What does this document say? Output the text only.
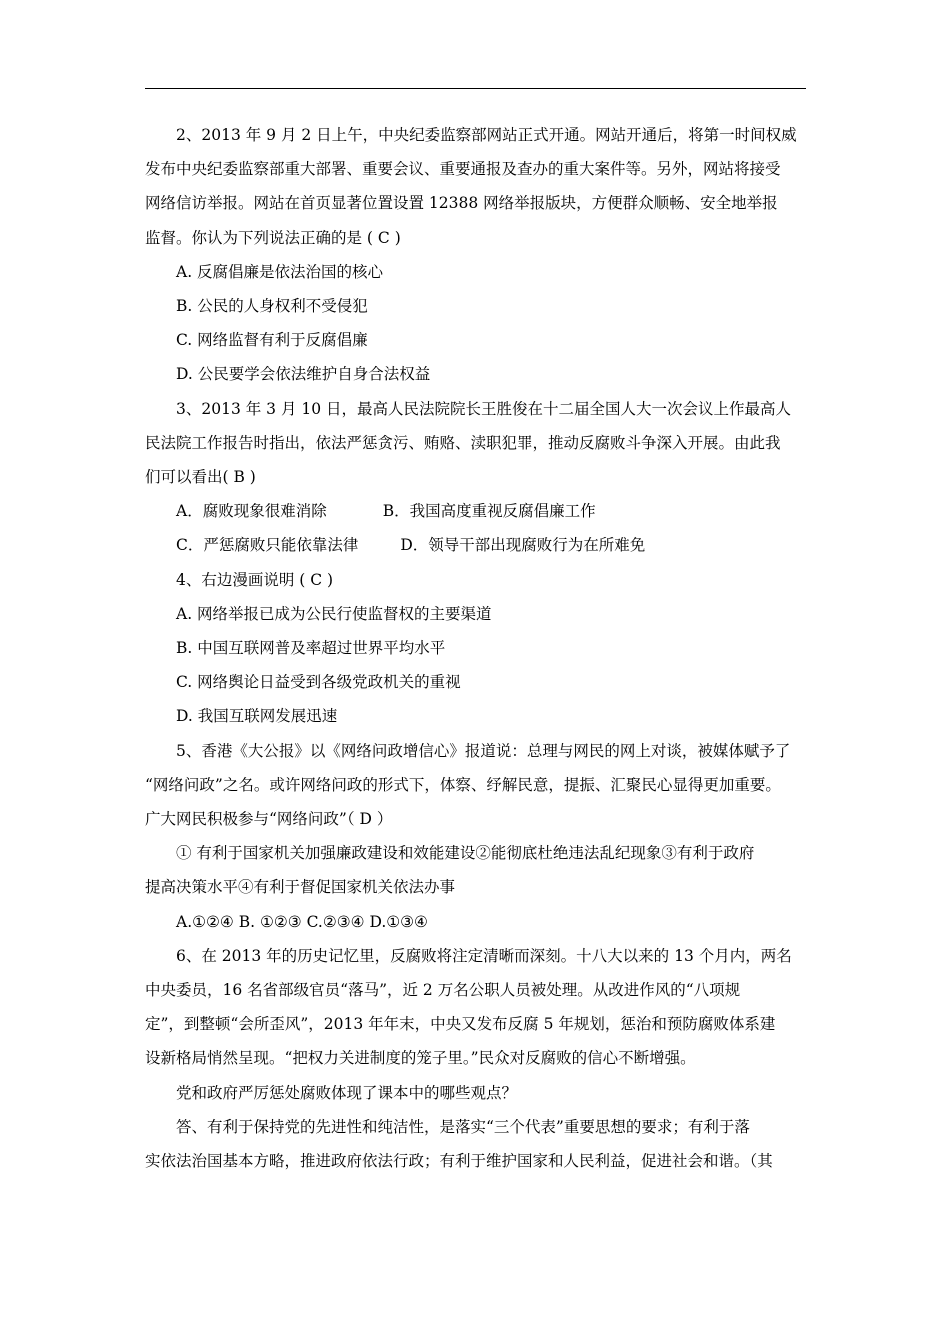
2、2013 年 9 月 2 日上午，中央纪委监察部网站正式开通。网站开通后，将第一时间权威
发布中央纪委监察部重大部署、重要会议、重要通报及查办的重大案件等。另外，网站将接受
网络信访举报。网站在首页显著位置设置 12388 网络举报版块，方便群众顺畅、安全地举报
监督。你认为下列说法正确的是 ( C )
A. 反腐倡廉是依法治国的核心
B. 公民的人身权利不受侵犯
C. 网络监督有利于反腐倡廉
D. 公民要学会依法维护自身合法权益
3、2013 年 3 月 10 日，最高人民法院院长王胜俊在十二届全国人大一次会议上作最高人
民法院工作报告时指出，依法严惩贪污、贿赂、渎职犯罪，推动反腐败斗争深入开展。由此我
们可以看出( B )
A．腐败现象很难消除	B．我国高度重视反腐倡廉工作
C．严惩腐败只能依靠法律	D．领导干部出现腐败行为在所难免
4、右边漫画说明 ( C )
A. 网络举报已成为公民行使监督权的主要渠道
B. 中国互联网普及率超过世界平均水平
C. 网络舆论日益受到各级党政机关的重视
D. 我国互联网发展迅速
5、香港《大公报》以《网络问政增信心》报道说：总理与网民的网上对谈，被媒体赋予了
“网络问政”之名。或许网络问政的形式下，体察、纾解民意，提振、汇聚民心显得更加重要。
广大网民积极参与“网络问政”（ D ）
① 有利于国家机关加强廉政建设和效能建设②能彻底杜绝违法乱纪现象③有利于政府
提高决策水平④有利于督促国家机关依法办事
A.①②④ B. ①②③ C.②③④ D.①③④
6、在 2013 年的历史记忆里，反腐败将注定清晰而深刻。十八大以来的 13 个月内，两名
中央委员，16 名省部级官员“落马”，近 2 万名公职人员被处理。从改进作风的“八项规
定”，到整顿“会所歪风”，2013 年年末，中央又发布反腐 5 年规划，惩治和预防腐败体系建
设新格局悄然呈现。“把权力关进制度的笼子里。”民众对反腐败的信心不断增强。
党和政府严厉惩处腐败体现了课本中的哪些观点？
答、有利于保持党的先进性和纯洁性，是落实“三个代表”重要思想的要求；有利于落
实依法治国基本方略，推进政府依法行政；有利于维护国家和人民利益，促进社会和谐。（其
